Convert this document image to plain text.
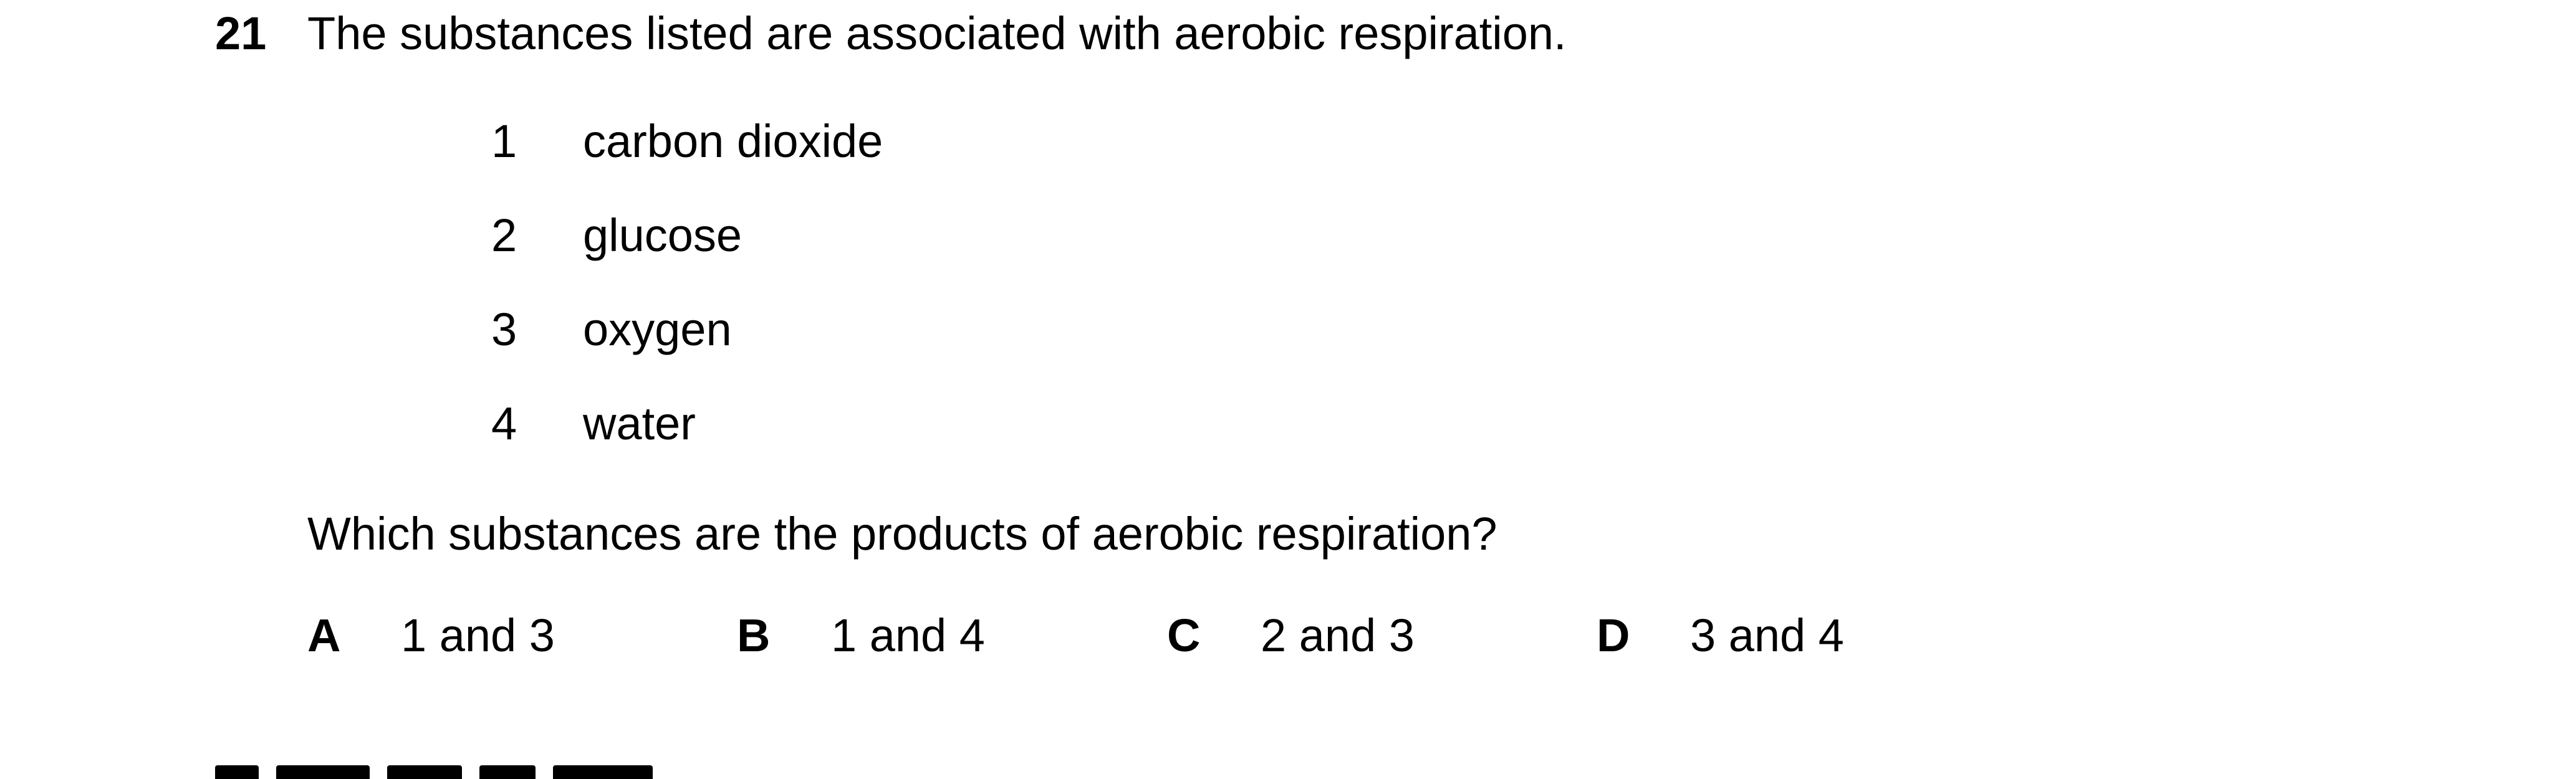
21 The substances listed are associated with aerobic respiration.
1 carbon dioxide
2 glucose
3 oxygen
4 water
Which substances are the products of aerobic respiration?
A 1 and 3	B 1 and 4	C 2 and 3	D 3 and 4
